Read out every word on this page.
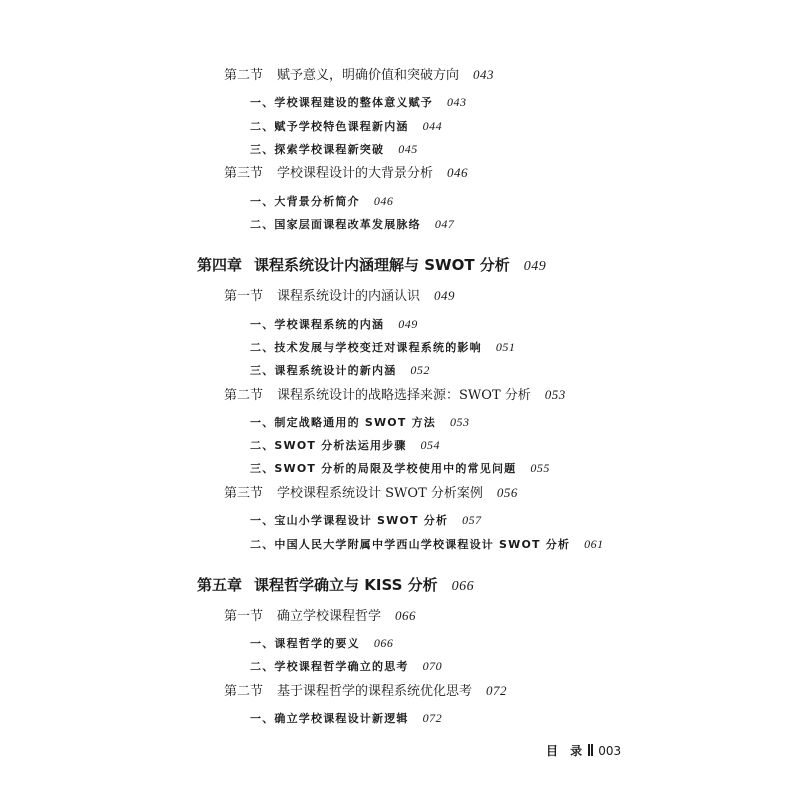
第二节 赋予意义，明确价值和突破方向 043
一、学校课程建设的整体意义赋予 043
二、赋予学校特色课程新内涵 044
三、探索学校课程新突破 045
第三节 学校课程设计的大背景分析 046
一、大背景分析简介 046
二、国家层面课程改革发展脉络 047
第四章 课程系统设计内涵理解与 SWOT 分析 049
第一节 课程系统设计的内涵认识 049
一、学校课程系统的内涵 049
二、技术发展与学校变迁对课程系统的影响 051
三、课程系统设计的新内涵 052
第二节 课程系统设计的战略选择来源：SWOT 分析 053
一、制定战略通用的 SWOT 方法 053
二、SWOT 分析法运用步骤 054
三、SWOT 分析的局限及学校使用中的常见问题 055
第三节 学校课程系统设计 SWOT 分析案例 056
一、宝山小学课程设计 SWOT 分析 057
二、中国人民大学附属中学西山学校课程设计 SWOT 分析 061
第五章 课程哲学确立与 KISS 分析 066
第一节 确立学校课程哲学 066
一、课程哲学的要义 066
二、学校课程哲学确立的思考 070
第二节 基于课程哲学的课程系统优化思考 072
一、确立学校课程设计新逻辑 072
目 录 003
